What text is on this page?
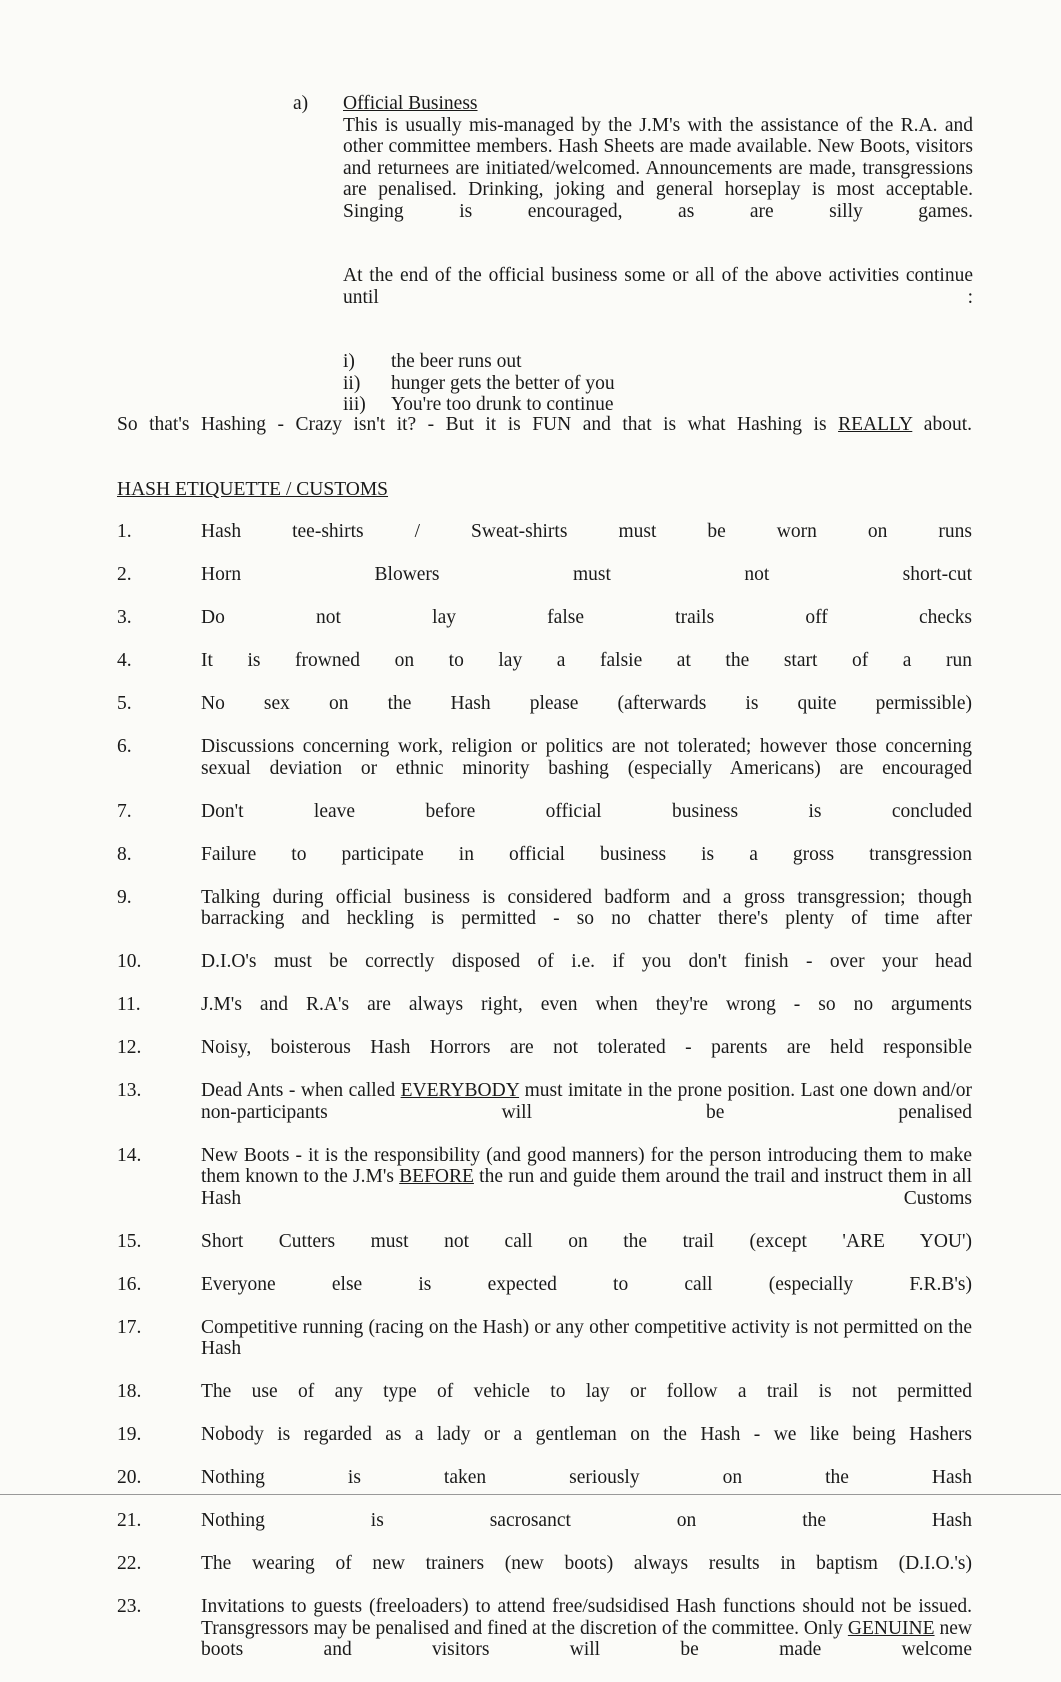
a) Official Business

This is usually mis-managed by the J.M's with the assistance of the R.A. and other committee members. Hash Sheets are made available. New Boots, visitors and returnees are initiated/welcomed. Announcements are made, transgressions are penalised. Drinking, joking and general horseplay is most acceptable. Singing is encouraged, as are silly games.

At the end of the official business some or all of the above activities continue until :

i) the beer runs out
ii) hunger gets the better of you
iii) You're too drunk to continue

So that's Hashing - Crazy isn't it? - But it is FUN and that is what Hashing is REALLY about.

HASH ETIQUETTE / CUSTOMS
1.	Hash tee-shirts / Sweat-shirts must be worn on runs
2.	Horn Blowers must not short-cut
3.	Do not lay false trails off checks
4.	It is frowned on to lay a falsie at the start of a run
5.	No sex on the Hash please (afterwards is quite permissible)
6.	Discussions concerning work, religion or politics are not tolerated; however those concerning sexual deviation or ethnic minority bashing (especially Americans) are encouraged
7.	Don't leave before official business is concluded
8.	Failure to participate in official business is a gross transgression
9.	Talking during official business is considered badform and a gross transgression; though barracking and heckling is permitted - so no chatter there's plenty of time after
10.	D.I.O's must be correctly disposed of i.e. if you don't finish - over your head
11.	J.M's and R.A's are always right, even when they're wrong - so no arguments
12.	Noisy, boisterous Hash Horrors are not tolerated - parents are held responsible
13.	Dead Ants - when called EVERYBODY must imitate in the prone position. Last one down and/or non-participants will be penalised
14.	New Boots - it is the responsibility (and good manners) for the person introducing them to make them known to the J.M's BEFORE the run and guide them around the trail and instruct them in all Hash Customs
15.	Short Cutters must not call on the trail (except 'ARE YOU')
16.	Everyone else is expected to call (especially F.R.B's)
17.	Competitive running (racing on the Hash) or any other competitive activity is not permitted on the Hash
18.	The use of any type of vehicle to lay or follow a trail is not permitted
19.	Nobody is regarded as a lady or a gentleman on the Hash - we like being Hashers
20.	Nothing is taken seriously on the Hash
21.	Nothing is sacrosanct on the Hash
22.	The wearing of new trainers (new boots) always results in baptism (D.I.O.'s)
23.	Invitations to guests (freeloaders) to attend free/sudsidised Hash functions should not be issued. Transgressors may be penalised and fined at the discretion of the committee. Only GENUINE new boots and visitors will be made welcome
